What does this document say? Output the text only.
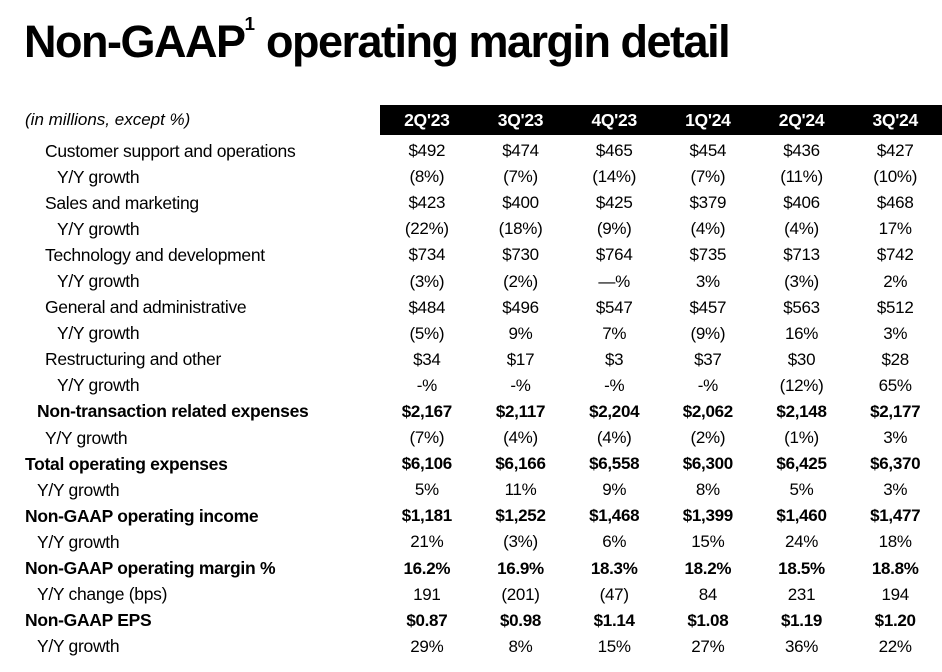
Non-GAAP$^1$ operating margin detail
(in millions, except %)	2Q'23	3Q'23	4Q'23	1Q'24	2Q'24	3Q'24
Customer support and operations	$492	$474	$465	$454	$436	$427
Y/Y growth	(8%)	(7%)	(14%)	(7%)	(11%)	(10%)
Sales and marketing	$423	$400	$425	$379	$406	$468
Y/Y growth	(22%)	(18%)	(9%)	(4%)	(4%)	17%
Technology and development	$734	$730	$764	$735	$713	$742
Y/Y growth	(3%)	(2%)	—%	3%	(3%)	2%
General and administrative	$484	$496	$547	$457	$563	$512
Y/Y growth	(5%)	9%	7%	(9%)	16%	3%
Restructuring and other	$34	$17	$3	$37	$30	$28
Y/Y growth	-%	-%	-%	-%	(12%)	65%
Non-transaction related expenses	$2,167	$2,117	$2,204	$2,062	$2,148	$2,177
Y/Y growth	(7%)	(4%)	(4%)	(2%)	(1%)	3%
Total operating expenses	$6,106	$6,166	$6,558	$6,300	$6,425	$6,370
Y/Y growth	5%	11%	9%	8%	5%	3%
Non-GAAP operating income	$1,181	$1,252	$1,468	$1,399	$1,460	$1,477
Y/Y growth	21%	(3%)	6%	15%	24%	18%
Non-GAAP operating margin %	16.2%	16.9%	18.3%	18.2%	18.5%	18.8%
Y/Y change (bps)	191	(201)	(47)	84	231	194
Non-GAAP EPS	$0.87	$0.98	$1.14	$1.08	$1.19	$1.20
Y/Y growth	29%	8%	15%	27%	36%	22%
